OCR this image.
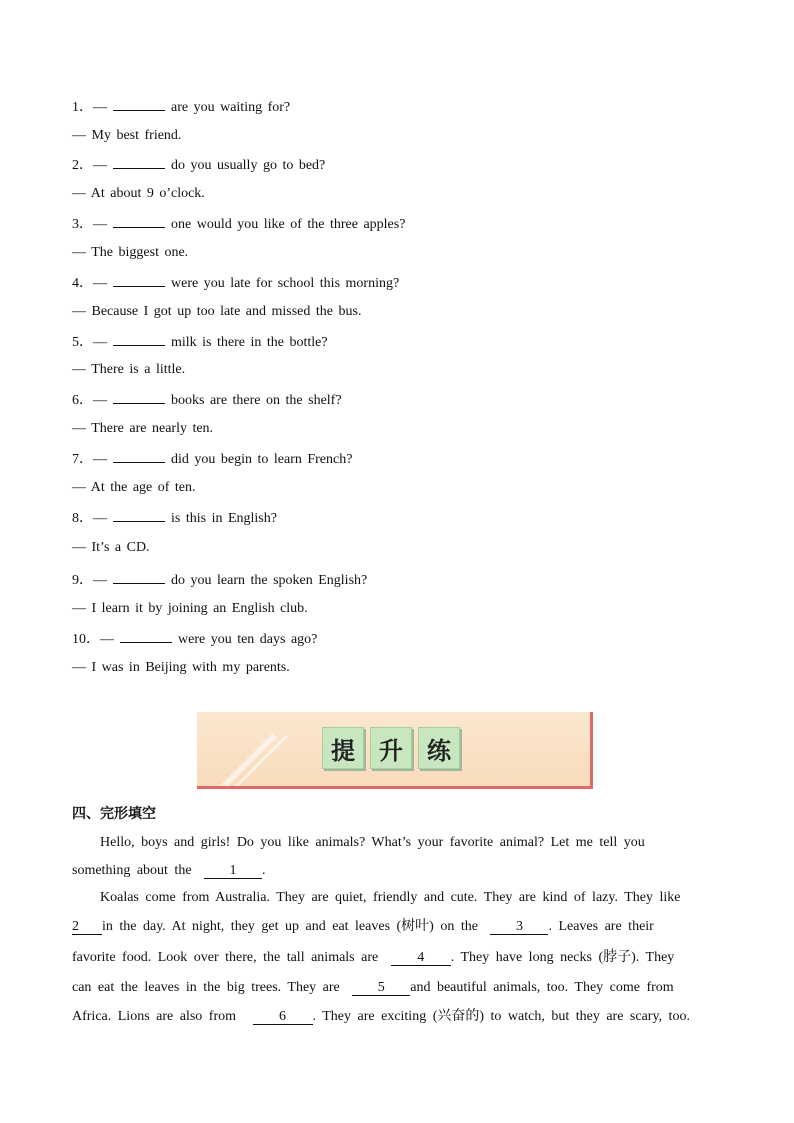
1．—	are you waiting for?
— My best friend.
2．—	do you usually go to bed?
— At about 9 o’clock.
3．—	one would you like of the three apples?
— The biggest one.
4．—	were you late for school this morning?
— Because I got up too late and missed the bus.
5．—	milk is there in the bottle?
— There is a little.
6．—	books are there on the shelf?
— There are nearly ten.
7．—	did you begin to learn French?
— At the age of ten.
8．—	is this in English?
— It’s a CD.
9．—	do you learn the spoken English?
— I learn it by joining an English club.
10．—	were you ten days ago?
— I was in Beijing with my parents.
提	升	练
四、完形填空
Hello, boys and girls! Do you like animals? What’s your favorite animal? Let me tell you
something about the	1 .
Koalas come from Australia. They are quiet, friendly and cute. They are kind of lazy. They like
2 in the day. At night, they get up and eat leaves (树叶) on the	3 . Leaves are their
favorite food. Look over there, the tall animals are	4 . They have long necks (脖子). They
can eat the leaves in the big trees. They are	5 and beautiful animals, too. They come from
Africa. Lions are also from	6 . They are exciting (兴奋的) to watch, but they are scary, too.
